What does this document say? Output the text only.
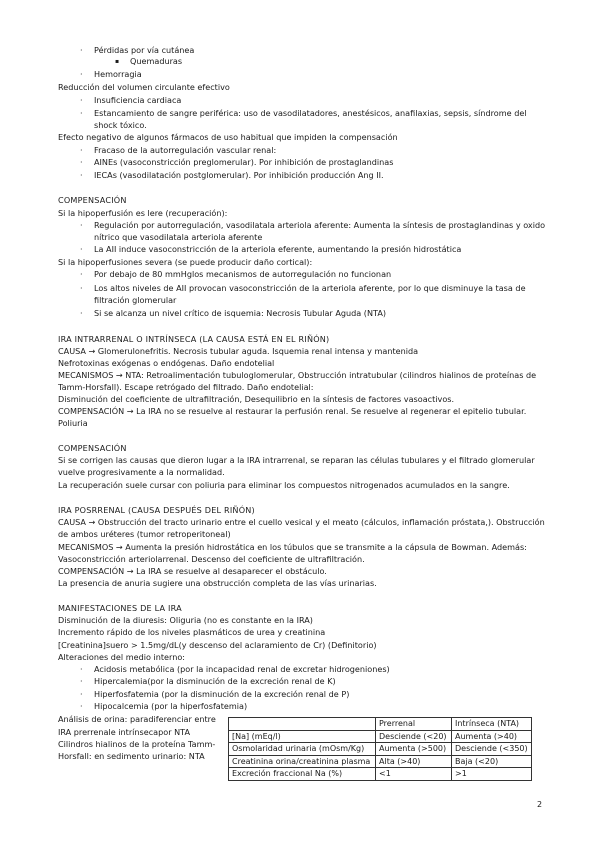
· Pérdidas por vía cutánea
▪ Quemaduras
· Hemorragia
Reducción del volumen circulante efectivo
· Insuficiencia cardiaca
· Estancamiento de sangre periférica: uso de vasodilatadores, anestésicos, anafilaxias, sepsis, síndrome del
shock tóxico.
Efecto negativo de algunos fármacos de uso habitual que impiden la compensación
· Fracaso de la autorregulación vascular renal:
· AINEs (vasoconstricción preglomerular). Por inhibición de prostaglandinas
· IECAs (vasodilatación postglomerular). Por inhibición producción Ang II.
COMPENSACIÓN
Si la hipoperfusión es lere (recuperación):
· Regulación por autorregulación, vasodilatala arteriola aferente: Aumenta la síntesis de prostaglandinas y oxido
nítrico que vasodilatala arteriola aferente
· La AII induce vasoconstricción de la arteriola eferente, aumentando la presión hidrostática
Si la hipoperfusiones severa (se puede producir daño cortical):
· Por debajo de 80 mmHglos mecanismos de autorregulación no funcionan
· Los altos niveles de AII provocan vasoconstricción de la arteriola aferente, por lo que disminuye la tasa de
filtración glomerular
· Si se alcanza un nivel crítico de isquemia: Necrosis Tubular Aguda (NTA)
IRA INTRARRENAL O INTRÍNSECA (LA CAUSA ESTÁ EN EL RIÑÓN)
CAUSA → Glomerulonefritis. Necrosis tubular aguda. Isquemia renal intensa y mantenida
Nefrotoxinas exógenas o endógenas. Daño endotelial
MECANISMOS → NTA: Retroalimentación tubuloglomerular, Obstrucción intratubular (cilindros hialinos de proteínas de
Tamm-Horsfall). Escape retrógado del filtrado. Daño endotelial:
Disminución del coeficiente de ultrafiltración, Desequilibrio en la síntesis de factores vasoactivos.
COMPENSACIÓN → La IRA no se resuelve al restaurar la perfusión renal. Se resuelve al regenerar el epitelio tubular.
Poliuria
COMPENSACIÓN
Si se corrigen las causas que dieron lugar a la IRA intrarrenal, se reparan las células tubulares y el filtrado glomerular
vuelve progresivamente a la normalidad.
La recuperación suele cursar con poliuria para eliminar los compuestos nitrogenados acumulados en la sangre.
IRA POSRRENAL (CAUSA DESPUÉS DEL RIÑÓN)
CAUSA → Obstrucción del tracto urinario entre el cuello vesical y el meato (cálculos, inflamación próstata,). Obstrucción
de ambos uréteres (tumor retroperitoneal)
MECANISMOS → Aumenta la presión hidrostática en los túbulos que se transmite a la cápsula de Bowman. Además:
Vasoconstricción arteriolarrenal. Descenso del coeficiente de ultrafiltración.
COMPENSACIÓN → La IRA se resuelve al desaparecer el obstáculo.
La presencia de anuria sugiere una obstrucción completa de las vías urinarias.
MANIFESTACIONES DE LA IRA
Disminución de la diuresis: Oliguria (no es constante en la IRA)
Incremento rápido de los niveles plasmáticos de urea y creatinina
[Creatinina]suero > 1.5mg/dL(y descenso del aclaramiento de Cr) (Definitorio)
Alteraciones del medio interno:
· Acidosis metabólica (por la incapacidad renal de excretar hidrogeniones)
· Hipercalemia(por la disminución de la excreción renal de K)
· Hiperfosfatemia (por la disminución de la excreción renal de P)
· Hipocalcemia (por la hiperfosfatemia)
Análisis de orina: paradiferenciar entre
IRA prerrenale intrínsecapor NTA
Cilindros hialinos de la proteína Tamm-
Horsfall: en sedimento urinario: NTA
	Prerrenal	Intrínseca (NTA)
[Na] (mEq/l)	Desciende (<20)	Aumenta (>40)
Osmolaridad urinaria (mOsm/Kg)	Aumenta (>500)	Desciende (<350)
Creatinina orina/creatinina plasma	Alta (>40)	Baja (<20)
Excreción fraccional Na (%)	<1	>1
2
